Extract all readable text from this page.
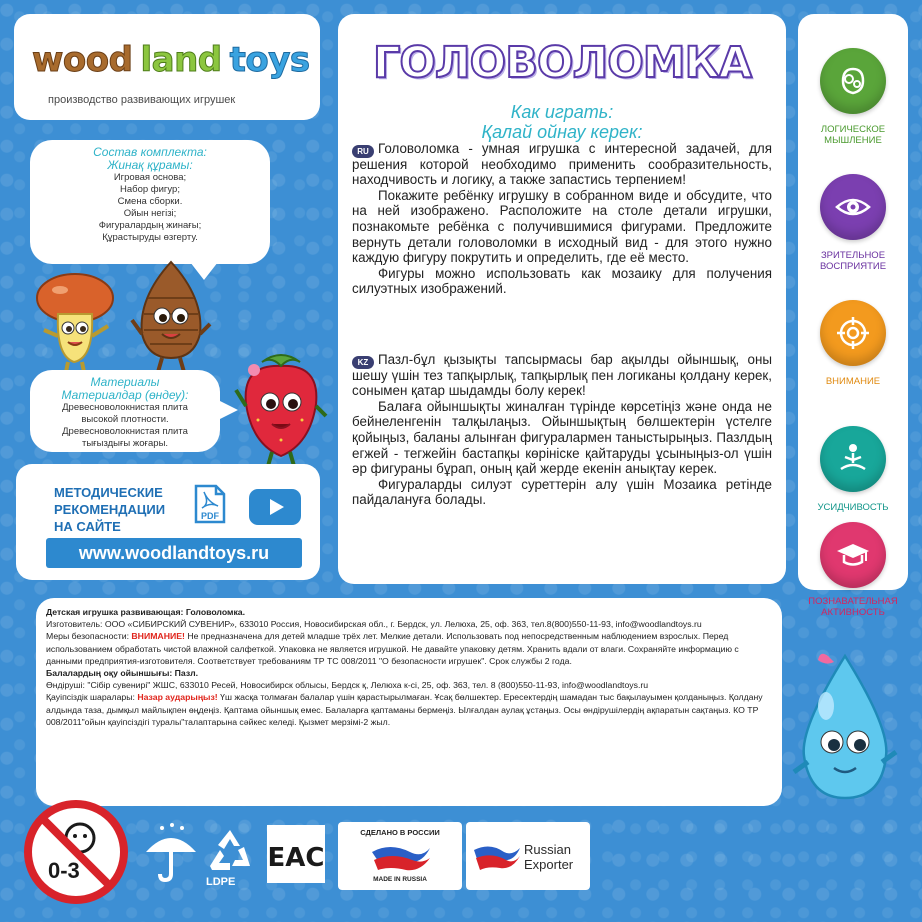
wood land toys
производство развивающих игрушек
Состав комплекта:
Жинақ құрамы:
Игровая основа;
Набор фигур;
Смена сборки.
Ойын негізі;
Фигуралардың жинағы;
Құрастыруды өзгерту.
Материалы
Материалдар (өндеу):
Древесноволокнистая плита
высокой плотности.
Древесноволокнистая плита
тығыздығы жоғары.
МЕТОДИЧЕСКИЕ
РЕКОМЕНДАЦИИ
НА САЙТЕ
PDF
www.woodlandtoys.ru
ГОЛОВОЛОМКА
Как играть:
Қалай ойнау керек:
RU Головоломка - умная игрушка с интересной задачей, для решения которой необходимо применить сообразительность, находчивость и логику, а также запастись терпением!

Покажите ребёнку игрушку в собранном виде и обсудите, что на ней изображено. Расположите на столе детали игрушки, познакомьте ребёнка с получившимися фигурами. Предложите вернуть детали головоломки в исходный вид - для этого нужно каждую фигуру покрутить и определить, где её место.

Фигуры можно использовать как мозаику для получения силуэтных изображений.

KZ Пазл-бұл қызықты тапсырмасы бар ақылды ойыншық, оны шешу үшін тез тапқырлық, тапқырлық пен логиканы қолдану керек, сонымен қатар шыдамды болу керек!

Балаға ойыншықты жиналған түрінде көрсетіңіз және онда не бейнеленгенін талқылаңыз. Ойыншықтың бөлшектерін үстелге қойыңыз, баланы алынған фигуралармен таныстырыңыз. Пазлдың егжей - тегжейін бастапқы көрініске қайтаруды ұсыныңыз-ол үшін әр фигураны бұрап, оның қай жерде екенін анықтау керек.

Фигураларды силуэт суреттерін алу үшін Мозаика ретінде пайдалануға болады.

ЛОГИЧЕСКОЕ
МЫШЛЕНИЕ
ЗРИТЕЛЬНОЕ
ВОСПРИЯТИЕ
ВНИМАНИЕ
УСИДЧИВОСТЬ
ПОЗНАВАТЕЛЬНАЯ
АКТИВНОСТЬ
Детская игрушка развивающая: Головоломка.
Изготовитель: ООО «СИБИРСКИЙ СУВЕНИР», 633010 Россия, Новосибирская обл., г. Бердск, ул. Лелюха, 25, оф. 363, тел.8(800)550-11-93, info@woodlandtoys.ru
Меры безопасности: ВНИМАНИЕ! Не предназначена для детей младше трёх лет. Мелкие детали. Использовать под непосредственным наблюдением взрослых. Перед использованием обработать чистой влажной салфеткой. Упаковка не является игрушкой. Не давайте упаковку детям. Хранить вдали от влаги. Сохраняйте информацию с данными предприятия-изготовителя. Соответствует требованиям ТР ТС 008/2011 "О безопасности игрушек". Срок службы 2 года.
Балалардың оқу ойыншығы: Пазл.
Өндіруші: "Сібір сувенирі" ЖШС, 633010 Ресей, Новосибирск облысы, Бердск қ, Лелюха к-сі, 25, оф. 363, тел. 8 (800)550-11-93, info@woodlandtoys.ru
Қауіпсіздік шаралары: Назар аударыңыз! Үш жасқа толмаған балалар үшін қарастырылмаған. Ұсақ бөлшектер. Ересектердің шамадан тыс бақылауымен қолданыңыз. Қолдану алдында таза, дымқыл майлықпен өңдеңіз. Қаптама ойыншық емес. Балаларға қаптаманы бермеңіз. Ылғалдан аулақ ұстаңыз. Осы өндірушілердің ақпаратын сақтаңыз. КО ТР 008/2011"ойын қауіпсіздігі туралы"талаптарына сәйкес келеді. Қызмет мерзімі-2 жыл.
0-3	LDPE
EAC
СДЕЛАНО В РОССИИ
MADE IN RUSSIA
Russian
Exporter
